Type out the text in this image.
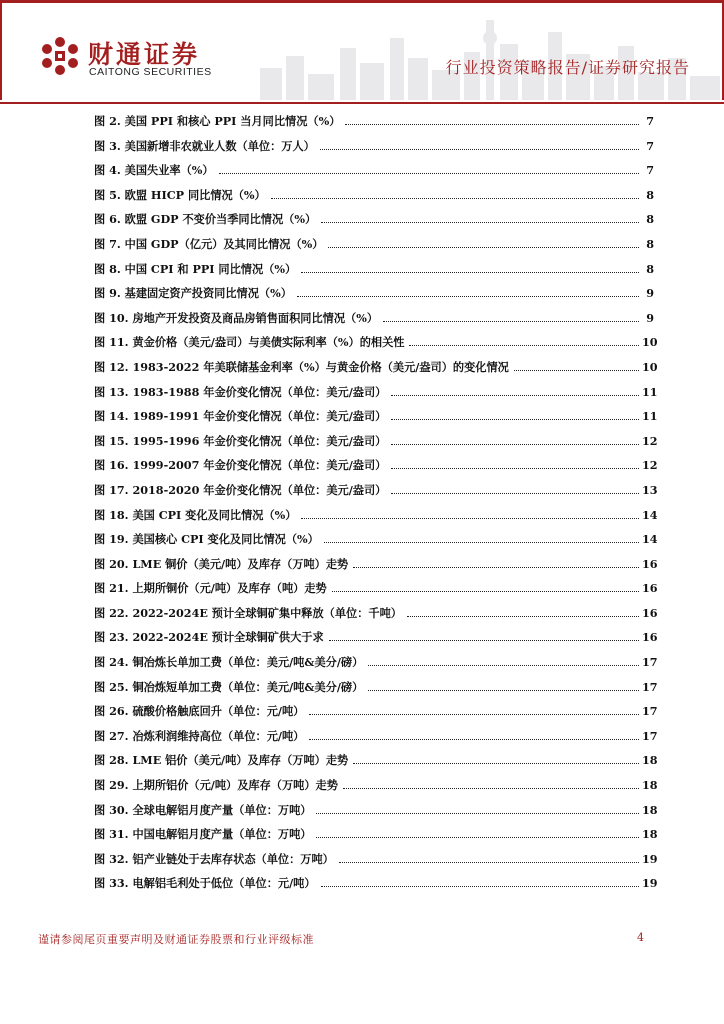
财通证券
CAITONG SECURITIES	行业投资策略报告/证券研究报告
图 2. 美国 PPI 和核心 PPI 当月同比情况（%）	7
图 3. 美国新增非农就业人数（单位：万人）	7
图 4. 美国失业率（%）	7
图 5. 欧盟 HICP 同比情况（%）	8
图 6. 欧盟 GDP 不变价当季同比情况（%）	8
图 7. 中国 GDP（亿元）及其同比情况（%）	8
图 8. 中国 CPI 和 PPI 同比情况（%）	8
图 9. 基建固定资产投资同比情况（%）	9
图 10. 房地产开发投资及商品房销售面积同比情况（%）	9
图 11. 黄金价格（美元/盎司）与美债实际利率（%）的相关性	10
图 12. 1983-2022 年美联储基金利率（%）与黄金价格（美元/盎司）的变化情况	10
图 13. 1983-1988 年金价变化情况（单位：美元/盎司）	11
图 14. 1989-1991 年金价变化情况（单位：美元/盎司）	11
图 15. 1995-1996 年金价变化情况（单位：美元/盎司）	12
图 16. 1999-2007 年金价变化情况（单位：美元/盎司）	12
图 17. 2018-2020 年金价变化情况（单位：美元/盎司）	13
图 18. 美国 CPI 变化及同比情况（%）	14
图 19. 美国核心 CPI 变化及同比情况（%）	14
图 20. LME 铜价（美元/吨）及库存（万吨）走势	16
图 21. 上期所铜价（元/吨）及库存（吨）走势	16
图 22. 2022-2024E 预计全球铜矿集中释放（单位：千吨）	16
图 23. 2022-2024E 预计全球铜矿供大于求	16
图 24. 铜冶炼长单加工费（单位：美元/吨&美分/磅）	17
图 25. 铜冶炼短单加工费（单位：美元/吨&美分/磅）	17
图 26. 硫酸价格触底回升（单位：元/吨）	17
图 27. 冶炼利润维持高位（单位：元/吨）	17
图 28. LME 铝价（美元/吨）及库存（万吨）走势	18
图 29. 上期所铝价（元/吨）及库存（万吨）走势	18
图 30. 全球电解铝月度产量（单位：万吨）	18
图 31. 中国电解铝月度产量（单位：万吨）	18
图 32. 铝产业链处于去库存状态（单位：万吨）	19
图 33. 电解铝毛利处于低位（单位：元/吨）	19
谨请参阅尾页重要声明及财通证券股票和行业评级标准	4
